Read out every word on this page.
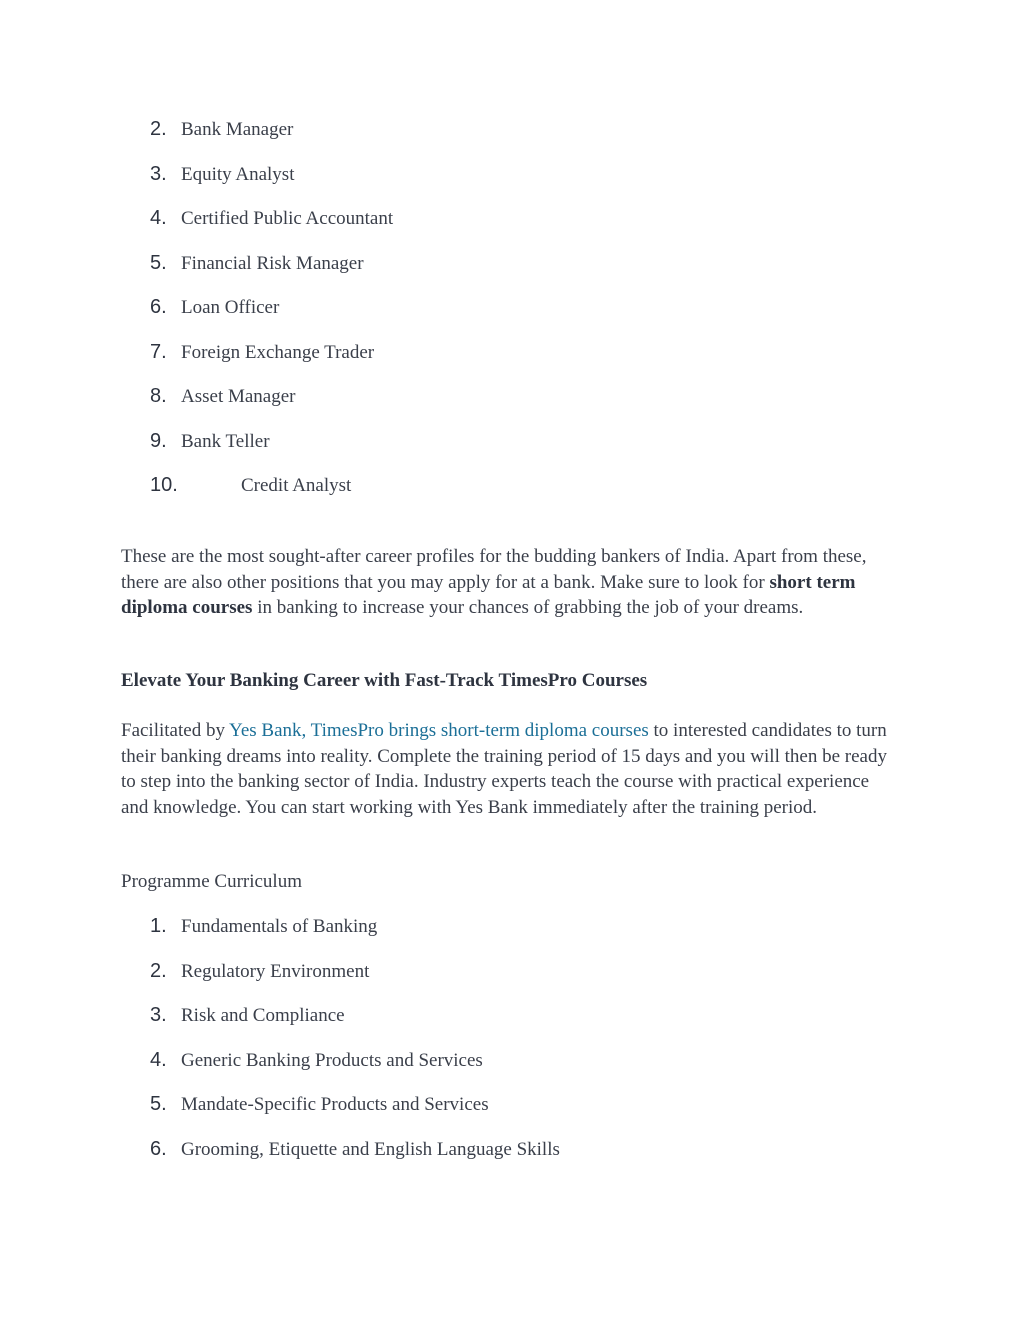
2. Bank Manager
3. Equity Analyst
4. Certified Public Accountant
5. Financial Risk Manager
6. Loan Officer
7. Foreign Exchange Trader
8. Asset Manager
9. Bank Teller
10.	Credit Analyst

These are the most sought-after career profiles for the budding bankers of India. Apart from these, there are also other positions that you may apply for at a bank. Make sure to look for short term diploma courses in banking to increase your chances of grabbing the job of your dreams.

Elevate Your Banking Career with Fast-Track TimesPro Courses

Facilitated by Yes Bank, TimesPro brings short-term diploma courses to interested candidates to turn their banking dreams into reality. Complete the training period of 15 days and you will then be ready to step into the banking sector of India. Industry experts teach the course with practical experience and knowledge. You can start working with Yes Bank immediately after the training period.

Programme Curriculum

1. Fundamentals of Banking
2. Regulatory Environment
3. Risk and Compliance
4. Generic Banking Products and Services
5. Mandate-Specific Products and Services
6. Grooming, Etiquette and English Language Skills
